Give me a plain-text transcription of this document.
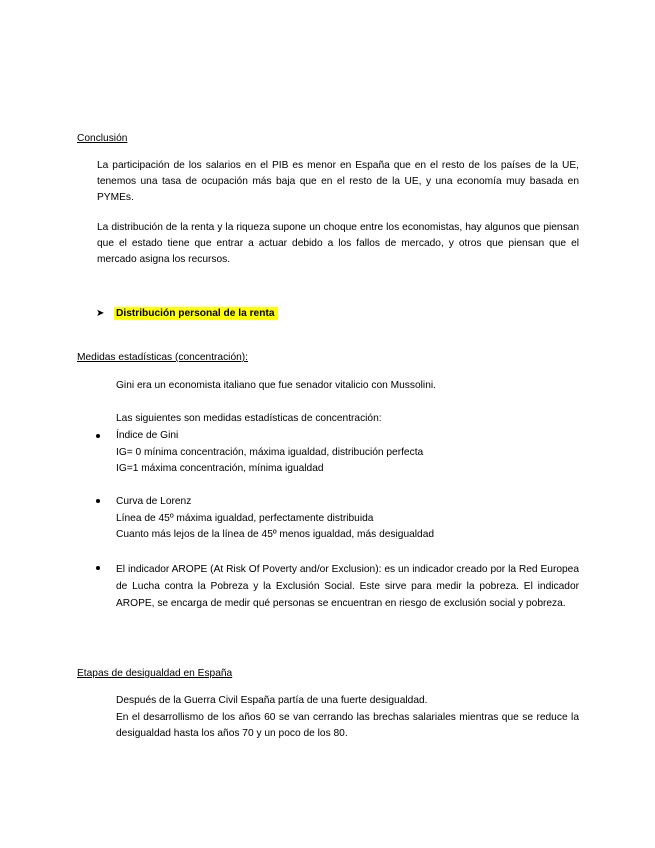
Conclusión
La participación de los salarios en el PIB es menor en España que en el resto de los países de la UE, tenemos una tasa de ocupación más baja que en el resto de la UE, y una economía muy basada en PYMEs.
La distribución de la renta y la riqueza supone un choque entre los economistas, hay algunos que piensan que el estado tiene que entrar a actuar debido a los fallos de mercado, y otros que piensan que el mercado asigna los recursos.
➤ Distribución personal de la renta
Medidas estadísticas (concentración):
Gini era un economista italiano que fue senador vitalicio con Mussolini.
Las siguientes son medidas estadísticas de concentración:
Índice de Gini
IG= 0 mínima concentración, máxima igualdad, distribución perfecta
IG=1 máxima concentración, mínima igualdad
Curva de Lorenz
Línea de 45º máxima igualdad, perfectamente distribuida
Cuanto más lejos de la línea de 45º menos igualdad, más desigualdad
El indicador AROPE (At Risk Of Poverty and/or Exclusion): es un indicador creado por la Red Europea de Lucha contra la Pobreza y la Exclusión Social. Este sirve para medir la pobreza. El indicador AROPE, se encarga de medir qué personas se encuentran en riesgo de exclusión social y pobreza.
Etapas de desigualdad en España
Después de la Guerra Civil España partía de una fuerte desigualdad.
En el desarrollismo de los años 60 se van cerrando las brechas salariales mientras que se reduce la desigualdad hasta los años 70 y un poco de los 80.
